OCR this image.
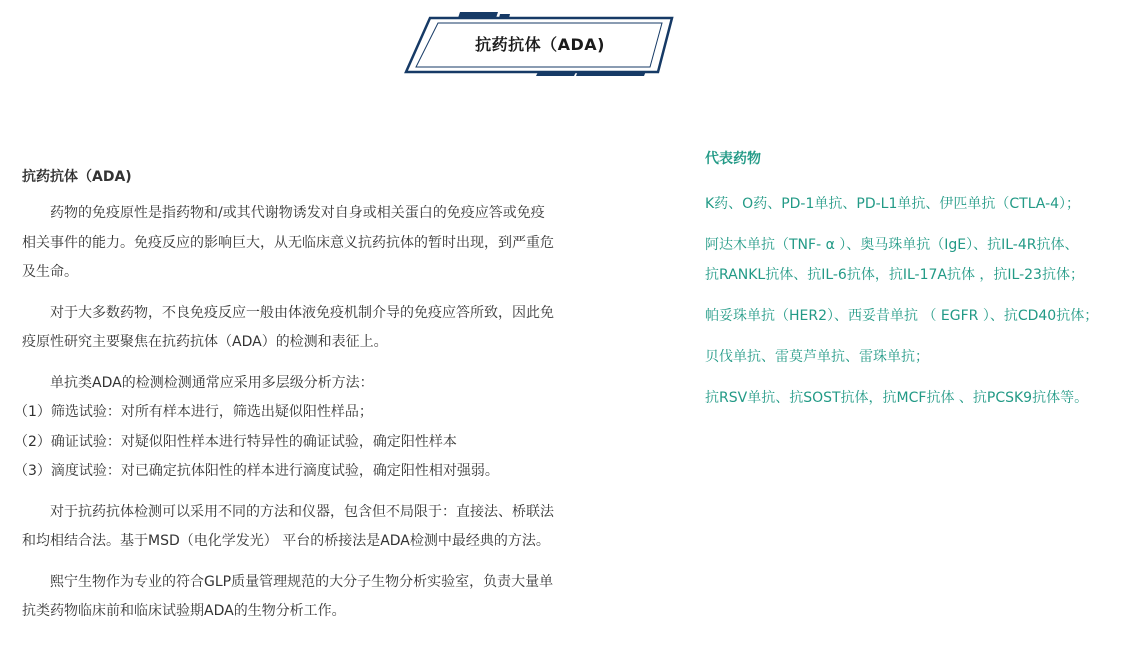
抗药抗体（ADA)
抗药抗体（ADA)

药物的免疫原性是指药物和/或其代谢物诱发对自身或相关蛋白的免疫应答或免疫

相关事件的能力。免疫反应的影响巨大，从无临床意义抗药抗体的暂时出现，到严重危

及生命。

对于大多数药物，不良免疫反应一般由体液免疫机制介导的免疫应答所致，因此免

疫原性研究主要聚焦在抗药抗体（ADA）的检测和表征上。

单抗类ADA的检测检测通常应采用多层级分析方法：

（1）筛选试验：对所有样本进行，筛选出疑似阳性样品；

（2）确证试验：对疑似阳性样本进行特异性的确证试验，确定阳性样本

（3）滴度试验：对已确定抗体阳性的样本进行滴度试验，确定阳性相对强弱。

对于抗药抗体检测可以采用不同的方法和仪器，包含但不局限于：直接法、桥联法

和均相结合法。基于MSD（电化学发光） 平台的桥接法是ADA检测中最经典的方法。

熙宁生物作为专业的符合GLP质量管理规范的大分子生物分析实验室，负责大量单

抗类药物临床前和临床试验期ADA的生物分析工作。

代表药物

K药、O药、PD-1单抗、PD-L1单抗、伊匹单抗（CTLA-4）；

阿达木单抗（TNF- α ）、奥马珠单抗（IgE）、抗IL-4R抗体、

抗RANKL抗体、抗IL-6抗体，抗IL-17A抗体 ，抗IL-23抗体；

帕妥珠单抗（HER2）、西妥昔单抗 （ EGFR ）、抗CD40抗体；

贝伐单抗、雷莫芦单抗、雷珠单抗；

抗RSV单抗、抗SOST抗体，抗MCF抗体 、抗PCSK9抗体等。
